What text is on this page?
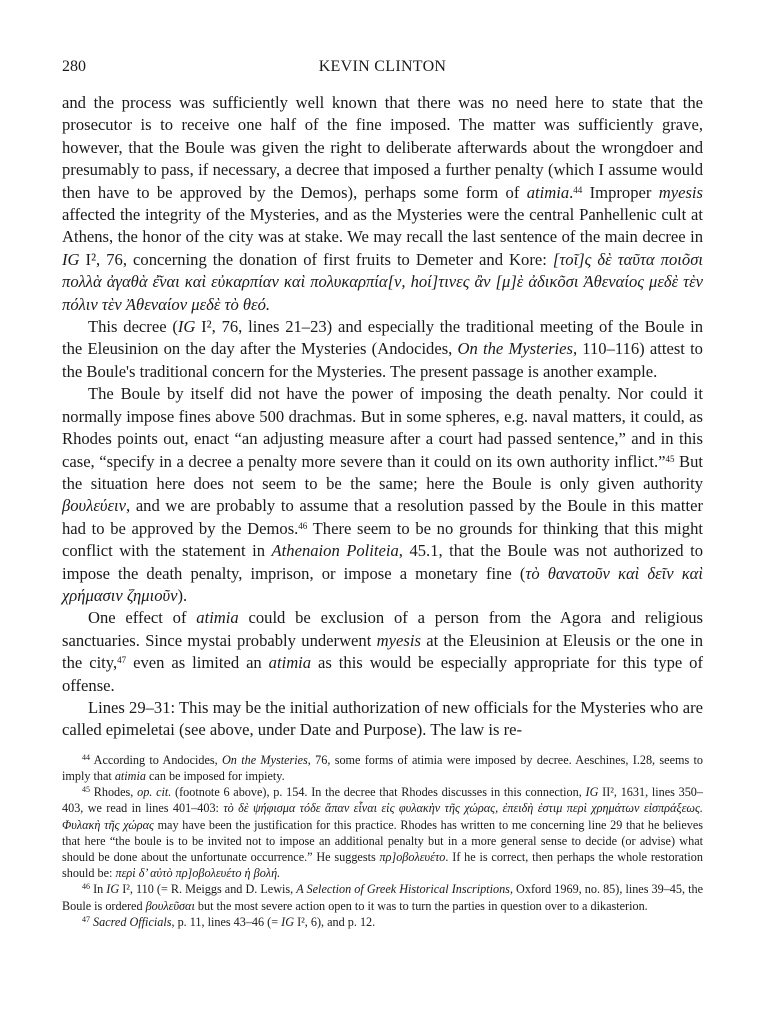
280	KEVIN CLINTON

and the process was sufficiently well known that there was no need here to state that the prosecutor is to receive one half of the fine imposed. The matter was sufficiently grave, however, that the Boule was given the right to deliberate afterwards about the wrongdoer and presumably to pass, if necessary, a decree that imposed a further penalty (which I assume would then have to be approved by the Demos), perhaps some form of atimia.$^{44}$ Improper myesis affected the integrity of the Mysteries, and as the Mysteries were the central Panhellenic cult at Athens, the honor of the city was at stake. We may recall the last sentence of the main decree in IG I², 76, concerning the donation of first fruits to Demeter and Kore: [τοῖ]ς δὲ ταῦτα ποιõσι πολλὰ ἀγαθὰ ἐ͂ναι καὶ εὐκαρπίαν καὶ πολυκαρπία[ν, hοί]τινες ἂν [μ]ὲ ἀδικõσι Ἀθεναίος μεδὲ τὲν πόλιν τὲν Ἀθεναίον μεδὲ τὸ θεό.

This decree (IG I², 76, lines 21–23) and especially the traditional meeting of the Boule in the Eleusinion on the day after the Mysteries (Andocides, On the Mysteries, 110–116) attest to the Boule's traditional concern for the Mysteries. The present passage is another example.

The Boule by itself did not have the power of imposing the death penalty. Nor could it normally impose fines above 500 drachmas. But in some spheres, e.g. naval matters, it could, as Rhodes points out, enact “an adjusting measure after a court had passed sentence,” and in this case, “specify in a decree a penalty more severe than it could on its own authority inflict.”$^{45}$ But the situation here does not seem to be the same; here the Boule is only given authority βουλεύειν, and we are probably to assume that a resolution passed by the Boule in this matter had to be approved by the Demos.$^{46}$ There seem to be no grounds for thinking that this might conflict with the statement in Athenaion Politeia, 45.1, that the Boule was not authorized to impose the death penalty, imprison, or impose a monetary fine (τὸ θανατοῦν καὶ δεῖν καὶ χρήμασιν ζημιοῦν).

One effect of atimia could be exclusion of a person from the Agora and religious sanctuaries. Since mystai probably underwent myesis at the Eleusinion at Eleusis or the one in the city,$^{47}$ even as limited an atimia as this would be especially appropriate for this type of offense.

Lines 29–31: This may be the initial authorization of new officials for the Mysteries who are called epimeletai (see above, under Date and Purpose). The law is re-

$^{44}$ According to Andocides, On the Mysteries, 76, some forms of atimia were imposed by decree. Aeschines, I.28, seems to imply that atimia can be imposed for impiety.

$^{45}$ Rhodes, op. cit. (footnote 6 above), p. 154. In the decree that Rhodes discusses in this connection, IG II², 1631, lines 350–403, we read in lines 401–403: τὸ δὲ ψήφισμα τόδε ἅπαν εἶναι εἰς φυλακὴν τῆς χώρας, ἐπειδὴ ἐστιμ περὶ χρημάτων εἰσπράξεως. Φυλακὴ τῆς χώρας may have been the justification for this practice. Rhodes has written to me concerning line 29 that he believes that here “the boule is to be invited not to impose an additional penalty but in a more general sense to decide (or advise) what should be done about the unfortunate occurrence.” He suggests πρ]οβολευέτο. If he is correct, then perhaps the whole restoration should be: περὶ δ’ αὐτὸ πρ]οβολευέτο ἡ βολή.

$^{46}$ In IG I², 110 (= R. Meiggs and D. Lewis, A Selection of Greek Historical Inscriptions, Oxford 1969, no. 85), lines 39–45, the Boule is ordered βουλεῦσαι but the most severe action open to it was to turn the parties in question over to a dikasterion.

$^{47}$ Sacred Officials, p. 11, lines 43–46 (= IG I², 6), and p. 12.
